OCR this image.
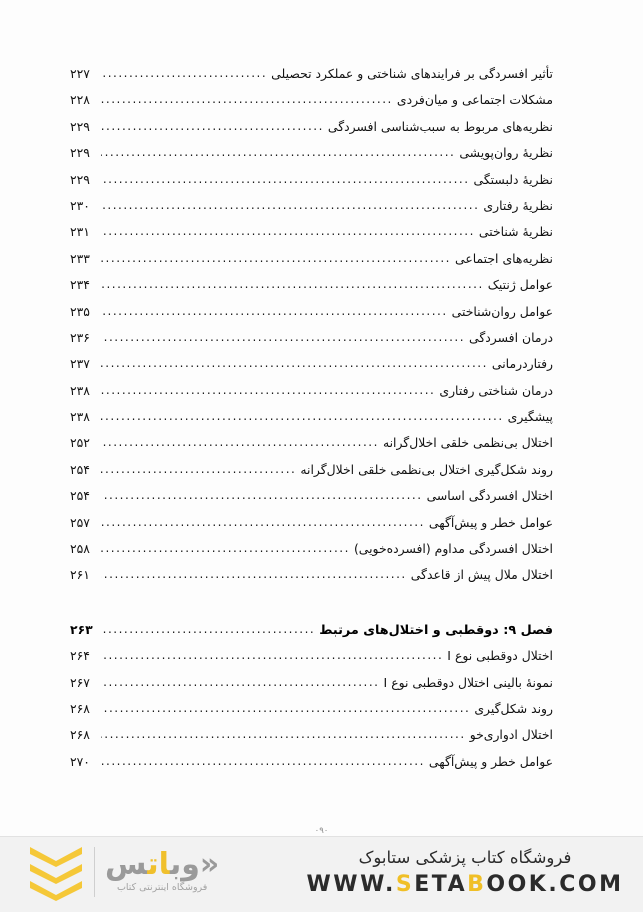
تأثیر افسردگی بر فرایندهای شناختی و عملکرد تحصیلی
.....
۲۲۷
مشکلات اجتماعی و میان‌فردی
.....
۲۲۸
نظریه‌های مربوط به سبب‌شناسی افسردگی
.....
۲۲۹
نظریۀ روان‌پویشی
.....
۲۲۹
نظریۀ دلبستگی
.....
۲۲۹
نظریۀ رفتاری
.....
۲۳۰
نظریۀ شناختی
.....
۲۳۱
نظریه‌های اجتماعی
.....
۲۳۳
عوامل ژنتیک
.....
۲۳۴
عوامل روان‌شناختی
.....
۲۳۵
درمان افسردگی
.....
۲۳۶
رفتاردرمانی
.....
۲۳۷
درمان شناختی رفتاری
.....
۲۳۸
پیشگیری
.....
۲۳۸
اختلال بی‌نظمی خلقی اخلال‌گرانه
.....
۲۵۲
روند شکل‌گیری اختلال بی‌نظمی خلقی اخلال‌گرانه
.....
۲۵۴
اختلال افسردگی اساسی
.....
۲۵۴
عوامل خطر و پیش‌آگهی
.....
۲۵۷
اختلال افسردگی مداوم (افسرده‌خویی)
.....
۲۵۸
اختلال ملال پیش از قاعدگی
.....
۲۶۱
فصل ۹: دوقطبی و اختلال‌های مرتبط
.....
۲۶۳
اختلال دوقطبی نوع I
.....
۲۶۴
نمونۀ بالینی اختلال دوقطبی نوع I
.....
۲۶۷
روند شکل‌گیری
.....
۲۶۸
اختلال ادواری‌خو
.....
۲۶۸
عوامل خطر و پیش‌آگهی
.....
۲۷۰
۰۹۰
«وباتس
فروشگاه اینترنتی کتاب
فروشگاه کتاب پزشکی ستابوک
WWW.SETABOOK.COM
